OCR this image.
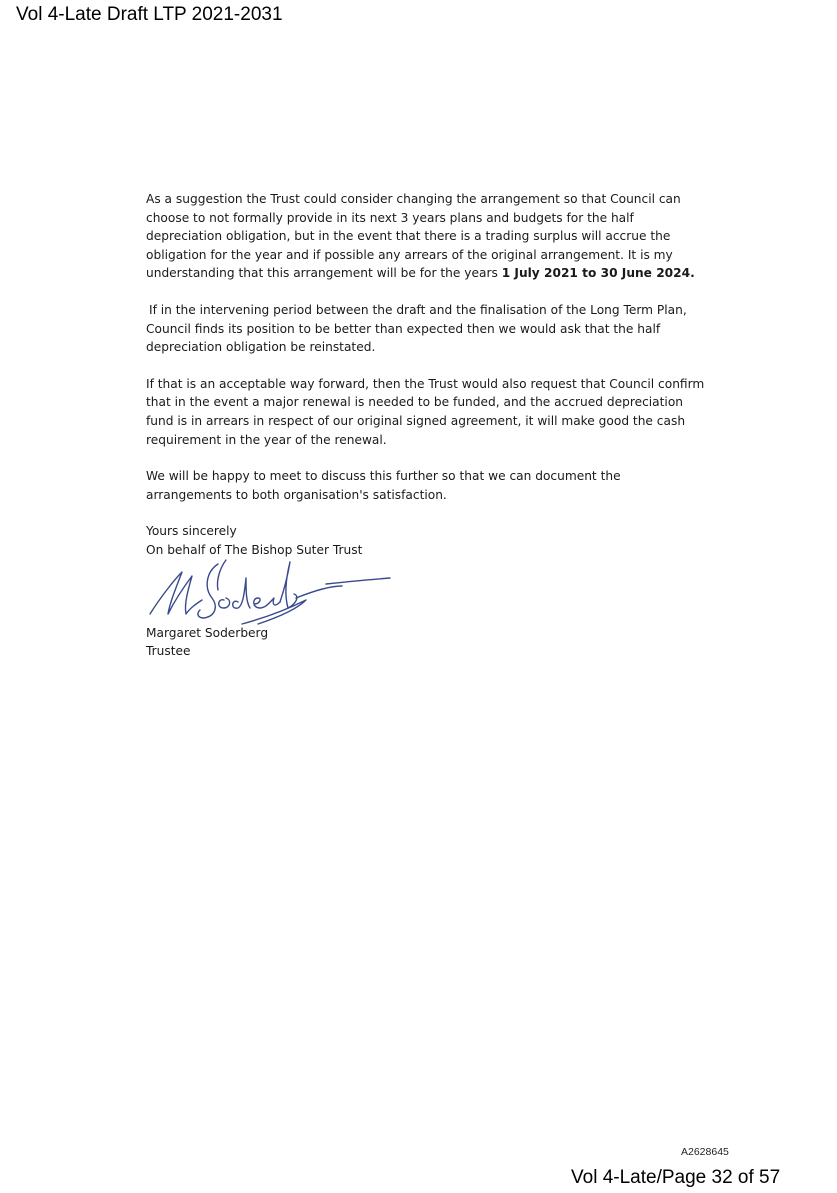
Vol 4-Late Draft LTP 2021-2031

As a suggestion the Trust could consider changing the arrangement so that Council can choose to not formally provide in its next 3 years plans and budgets for the half depreciation obligation, but in the event that there is a trading surplus will accrue the obligation for the year and if possible any arrears of the original arrangement. It is my understanding that this arrangement will be for the years 1 July 2021 to 30 June 2024.

If in the intervening period between the draft and the finalisation of the Long Term Plan, Council finds its position to be better than expected then we would ask that the half depreciation obligation be reinstated.

If that is an acceptable way forward, then the Trust would also request that Council confirm that in the event a major renewal is needed to be funded, and the accrued depreciation fund is in arrears in respect of our original signed agreement, it will make good the cash requirement in the year of the renewal.

We will be happy to meet to discuss this further so that we can document the arrangements to both organisation's satisfaction.

Yours sincerely
On behalf of The Bishop Suter Trust
Margaret Soderberg
Trustee
A2628645
Vol 4-Late/Page 32 of 57
